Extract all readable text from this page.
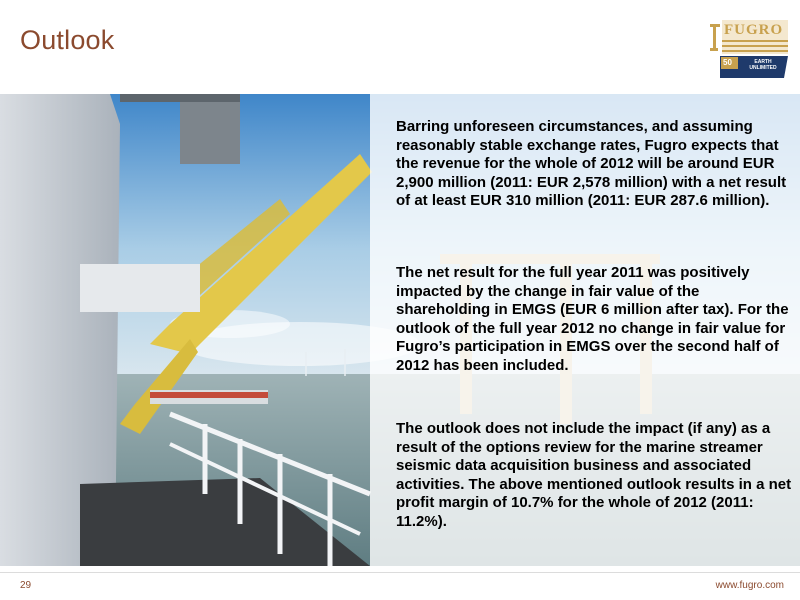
Outlook	FUGRO
50	EARTH UNLIMITED
Barring unforeseen circumstances, and assuming reasonably stable exchange rates, Fugro expects that the revenue for the whole of 2012 will be around EUR 2,900 million (2011: EUR 2,578 million) with a net result of at least EUR 310 million (2011: EUR 287.6 million).
The net result for the full year 2011 was positively impacted by the change in fair value of the shareholding in EMGS (EUR 6 million after tax). For the outlook of the full year 2012 no change in fair value for Fugro’s participation in EMGS over the second half of 2012 has been included.
The outlook does not include the impact (if any) as a result of the options review for the marine streamer seismic data acquisition business and associated activities. The above mentioned outlook results in a net profit margin of 10.7% for the whole of 2012 (2011: 11.2%).
29	www.fugro.com
